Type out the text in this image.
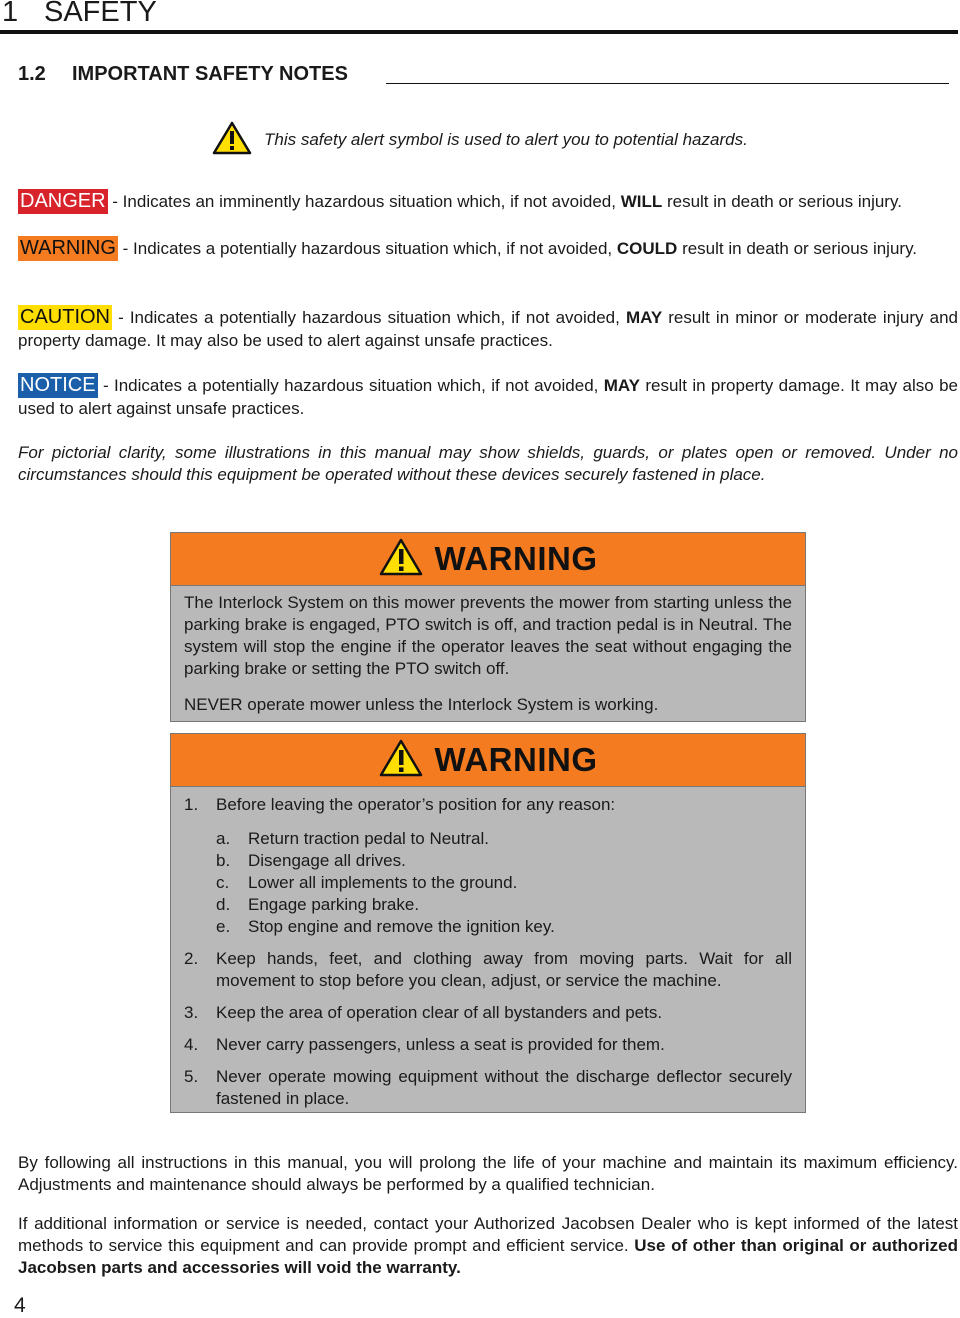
1 SAFETY
1.2 IMPORTANT SAFETY NOTES
This safety alert symbol is used to alert you to potential hazards.
DANGER - Indicates an imminently hazardous situation which, if not avoided, WILL result in death or serious injury.
WARNING - Indicates a potentially hazardous situation which, if not avoided, COULD result in death or serious injury.
CAUTION - Indicates a potentially hazardous situation which, if not avoided, MAY result in minor or moderate injury and property damage. It may also be used to alert against unsafe practices.
NOTICE - Indicates a potentially hazardous situation which, if not avoided, MAY result in property damage. It may also be used to alert against unsafe practices.
For pictorial clarity, some illustrations in this manual may show shields, guards, or plates open or removed. Under no circumstances should this equipment be operated without these devices securely fastened in place.
WARNING

The Interlock System on this mower prevents the mower from starting unless the parking brake is engaged, PTO switch is off, and traction pedal is in Neutral. The system will stop the engine if the operator leaves the seat without engaging the parking brake or setting the PTO switch off.

NEVER operate mower unless the Interlock System is working.

WARNING
1.	Before leaving the operator’s position for any reason:
a.	Return traction pedal to Neutral.
b.	Disengage all drives.
c.	Lower all implements to the ground.
d.	Engage parking brake.
e.	Stop engine and remove the ignition key.
2.	Keep hands, feet, and clothing away from moving parts. Wait for all movement to stop before you clean, adjust, or service the machine.
3.	Keep the area of operation clear of all bystanders and pets.
4.	Never carry passengers, unless a seat is provided for them.
5.	Never operate mowing equipment without the discharge deflector securely fastened in place.
By following all instructions in this manual, you will prolong the life of your machine and maintain its maximum efficiency. Adjustments and maintenance should always be performed by a qualified technician.
If additional information or service is needed, contact your Authorized Jacobsen Dealer who is kept informed of the latest methods to service this equipment and can provide prompt and efficient service. Use of other than original or authorized Jacobsen parts and accessories will void the warranty.
4
